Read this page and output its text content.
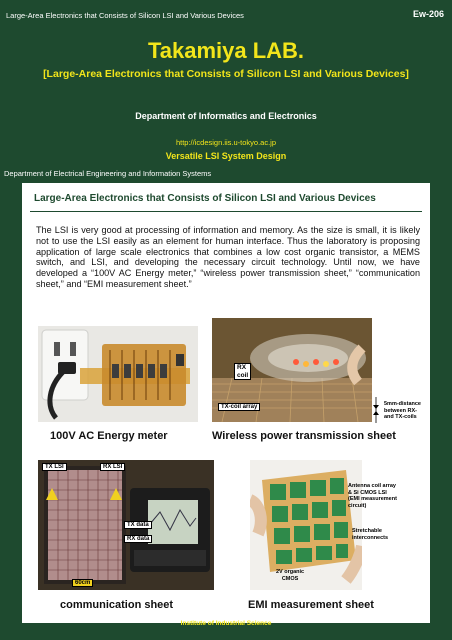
Large-Area Electronics that Consists of Silicon LSI and Various Devices	Ew-206
Takamiya LAB.
[Large-Area Electronics that Consists of Silicon LSI and Various Devices]
Department of Informatics and Electronics
http://icdesign.iis.u-tokyo.ac.jp
Versatile LSI System Design
Department of Electrical Engineering and Information Systems
Large-Area Electronics that Consists of Silicon LSI and Various Devices
The LSI is very good at processing of information and memory. As the size is small, it is likely not to use the LSI easily as an element for human interface. Thus the laboratory is proposing application of large scale electronics that combines a low cost organic transistor, a MEMS switch, and LSI, and developing the necessary circuit technology. Until now, we have developed a “100V AC Energy meter,” “wireless power transmission sheet,” “communication sheet,” and “EMI measurement sheet.”
100V AC Energy meter
RX
coil
TX-coil array	5mm-distance
between RX-
and TX-coils
Wireless power transmission sheet
TX LSI	RX LSI
TX data
RX data
60cm
communication sheet
Antenna coil array
& Si CMOS LSI
(EMI measurement
circuit)
Stretchable
interconnects
2V organic
CMOS
EMI measurement sheet
Institute of Industrial Science
